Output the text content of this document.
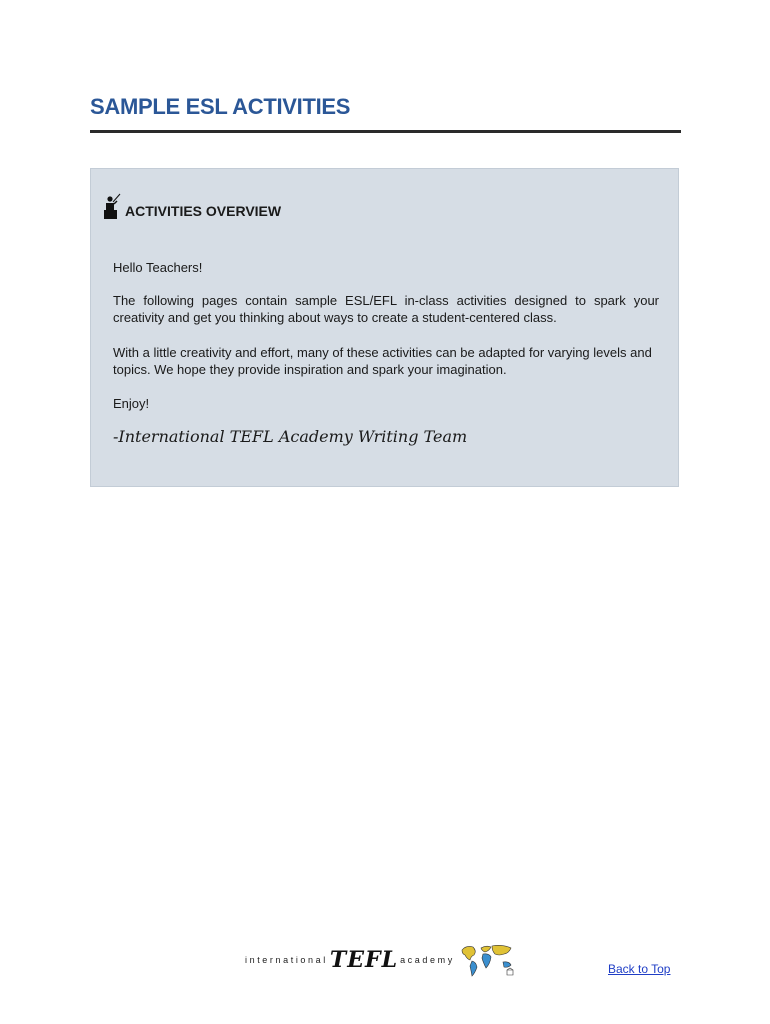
SAMPLE ESL ACTIVITIES
ACTIVITIES OVERVIEW

Hello Teachers!

The following pages contain sample ESL/EFL in-class activities designed to spark your creativity and get you thinking about ways to create a student-centered class.

With a little creativity and effort, many of these activities can be adapted for varying levels and topics. We hope they provide inspiration and spark your imagination.

Enjoy!

-International TEFL Academy Writing Team

international TEFL academy
Back to Top
